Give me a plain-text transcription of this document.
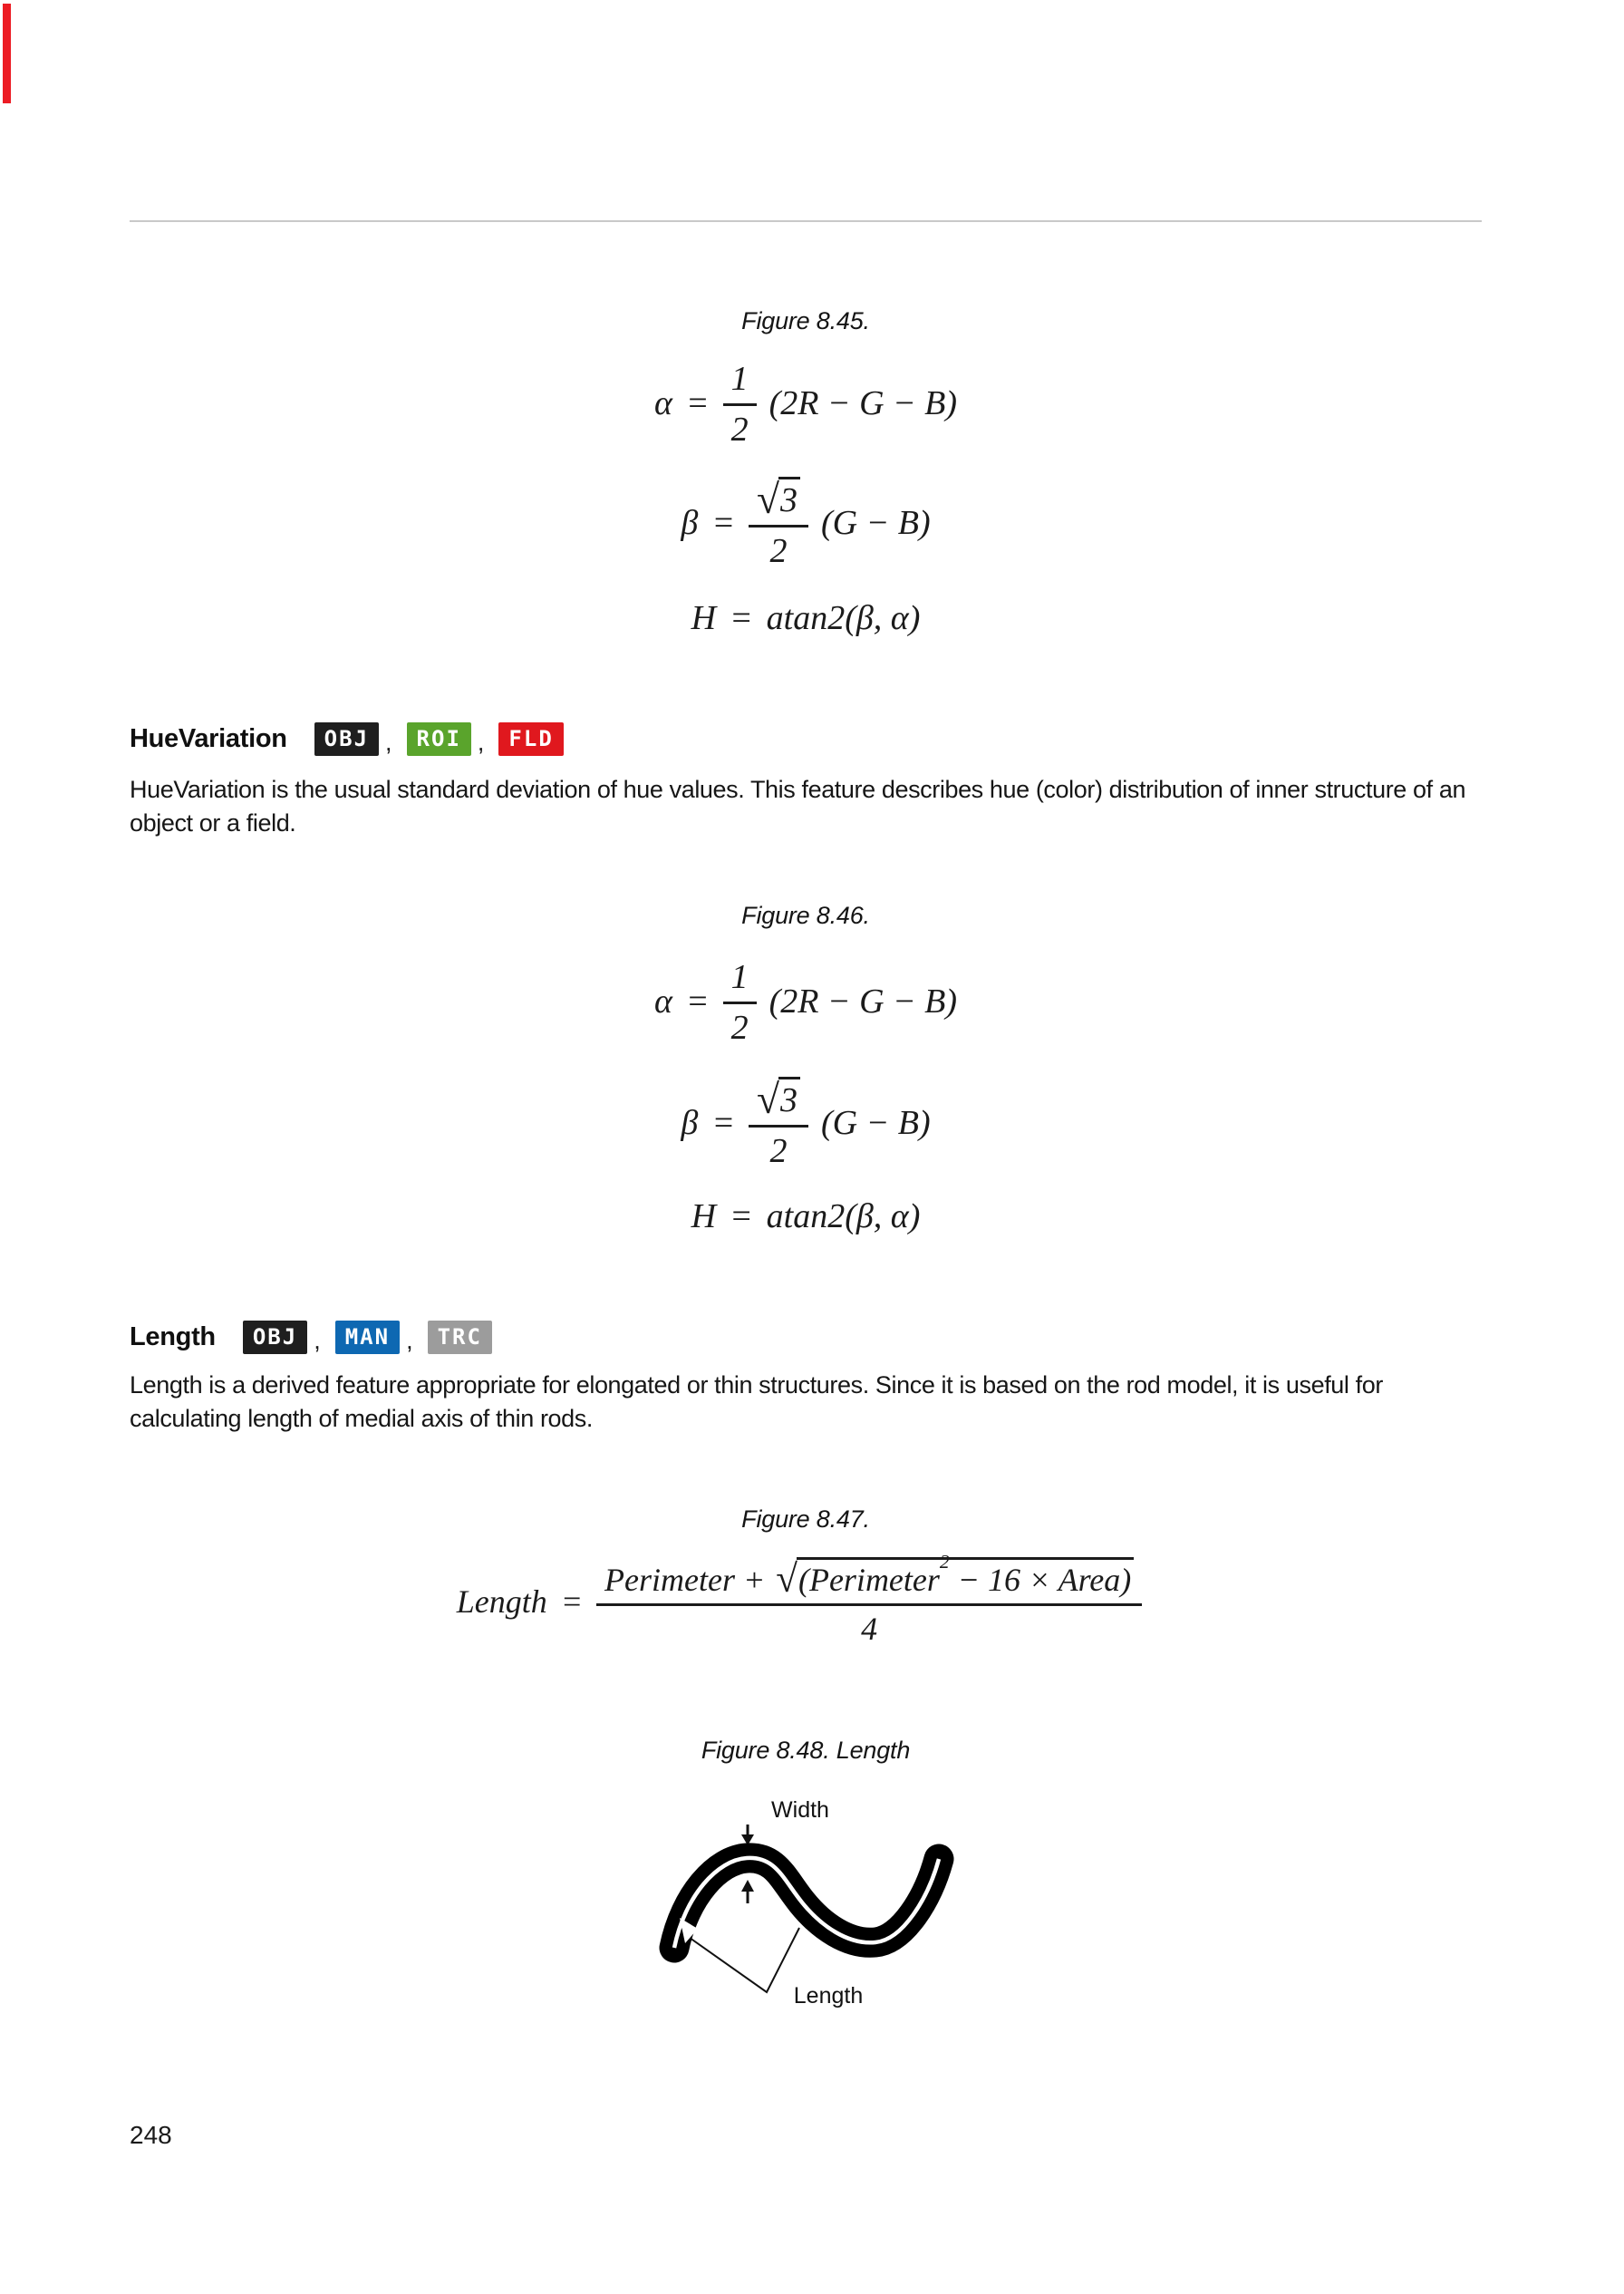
Figure 8.45.
$\alpha = \frac{1}{2} (2R - G - B)$
$\beta = \frac{√ 3}{2} (G - B)$
H = atan2(β, α)
HueVariation	OBJ ,	ROI ,	FLD
HueVariation is the usual standard deviation of hue values. This feature describes hue (color) distribution of inner structure of an object or a field.
Figure 8.46.
$\alpha = \frac{1}{2} (2R - G - B)$
$\beta = \frac{√ 3}{2} (G - B)$
H = atan2(β, α)
Length	OBJ ,	MAN ,	TRC
Length is a derived feature appropriate for elongated or thin structures. Since it is based on the rod model, it is useful for calculating length of medial axis of thin rods.
Figure 8.47.
Length = $\frac{Perimeter + √ (Perimeter^2 - 16 \times Area)}{4}$
Figure 8.48. Length
Width
Length
248
